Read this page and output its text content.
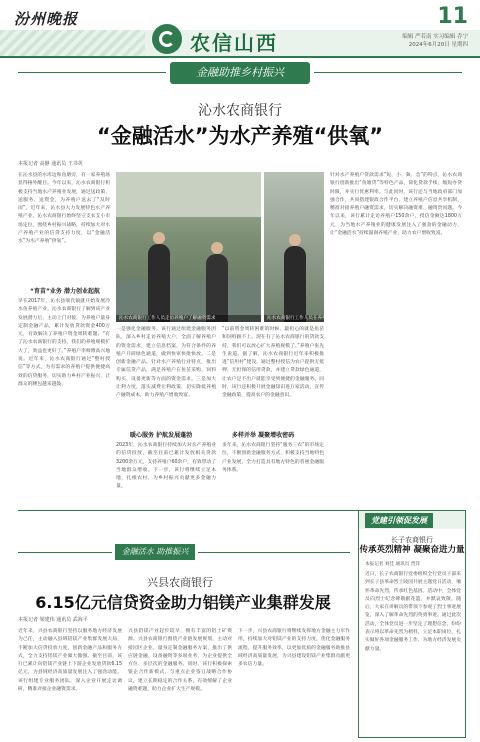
汾州晚报
农信山西
11
编辑 严若南 实习编辑 乔宁
2024年6月20日 星期四
金融助推乡村振兴
沁水农商银行
“金融活水”为水产养殖“供氧”
本报记者 高静 通讯员 王书英
在沁水县的水库边和鱼塘旁，有一家养殖场显得格外醒目。今年以来，沁水农商银行积极支持当地水产养殖业发展，通过送政策、送服务、送资金，为养殖户送去了“及时雨”。近年来，沁水县大力发展特色水产养殖产业，沁水农商银行始终坚守支农支小市场定位，围绕乡村振兴战略，持续加大对水产养殖产业的信贷支持力度，以“金融活水”为水产养殖“供氧”。
“育苗”业务 潜力创业起航
早在2017年，沁水县端氏镇就开始发展冷水鱼养殖产业。沁水农商银行了解到该产业发展潜力后，主动上门对接，为养殖户量身定制金融产品，累计发放贷款资金400万元，有效解决了养殖户资金周转难题。“有了沁水农商银行的支持，我们的养殖规模扩大了，效益也更好了。”养殖户李师傅高兴地说。近年来，沁水农商银行通过“整村授信”等方式，为有需求的养殖户提供便捷高效的信贷服务，切实助力乡村产业振兴，让群众的腰包越来越鼓。
沁水农商银行工作人员走访养殖户了解融资需求	沁水农商银行工作人员在养殖基地
一是强化金融服务。该行通过组建金融服务团队，深入乡村走访养殖大户，全面了解养殖户的资金需求，建立信息档案，为符合条件的养殖户开辟绿色通道，做到快审快批快放。二是创新金融产品。针对水产养殖行业特点，推出专属信贷产品，满足养殖户在鱼苗采购、饲料购买、设备更新等方面的资金需求。三是加大让利力度，落实减费让利政策，切实降低养殖户融资成本，助力养殖户增收致富。
暖心服务 护航发展蓬勃
2023年，沁水农商银行持续加大对水产养殖业的信贷投放，截至目前已累计发放相关贷款3200余万元，支持养殖户60余户，有效带动了当地群众增收。下一步，该行将继续立足本地，扎根农村，为乡村振兴贡献更多金融力量。
“以前资金周转困难的时候，最担心的就是鱼苗和饲料跟不上。现在有了沁水农商银行的贷款支持，我们可以放心扩大养殖规模了。”养殖户张先生说道。据了解，沁水农商银行近年来积极推进“信用村”建设，通过整村授信为农户提供无抵押、无担保的信用贷款，并建立贷款绿色通道，让农户足不出户就能享受到便捷的金融服务。同时，该行还积极开展金融知识进万家活动，宣传金融政策，提高农户的金融意识。
多样并举 凝聚增收密码
多年来，沁水农商银行坚持“服务三农”的市场定位，不断创新金融服务方式，积极支持当地特色产业发展，全力打造具有地方特色的普惠金融服务体系。
针对水产养殖户贷款需求“短、小、频、急”的特点，沁水农商银行创新推出“鱼塘贷”等特色产品，简化贷款手续，缩短办贷时限，并实行优惠利率。与此同时，该行还与当地政府部门加强合作，共同搭建银政合作平台，建立养殖户信息共享机制，精准对接养殖户融资需求，切实解决融资难、融资贵问题。今年以来，该行累计走访养殖户150余户，授信金额达1800万元，为当地水产养殖业的健康发展注入了强劲的金融动力，让“金融活水”持续滋润养殖产业，助力农户增收致富。
金融活水 助推振兴
兴县农商银行
6.15亿元信贷资金助力铝镁产业集群发展
本报记者 梁建伟 通讯员 武海平
近年来，兴县农商银行坚持以服务地方经济发展为己任，主动融入县域铝镁产业集群发展大局，不断加大信贷投放力度，创新金融产品和服务方式，全力支持铝镁产业做大做强。截至目前，该行已累计向铝镁产业链上下游企业发放贷款6.15亿元，为县域经济高质量发展注入了强劲动能。该行组建专业服务团队，深入企业开展走访调研，精准对接企业融资需求。
兴县铝镁产业起步较早，拥有丰富的铝土矿资源。兴县农商银行围绕产业链发展规划，主动对接园区企业，量身定制金融服务方案，推出了供应链金融、设备融资等多项业务，为企业提供全方位、多层次的金融服务。同时，该行积极探索银企合作新模式，与重点企业签订战略合作协议，建立长期稳定的合作关系，有效缓解了企业融资难题，助力企业扩大生产规模。
下一步，兴县农商银行将继续发挥地方金融主力军作用，持续加大对铝镁产业的支持力度，优化金融服务流程，提升服务效率，以更加优质的金融服务助推县域经济高质量发展，为兴县建设铝镁产业集群贡献更多农信力量。
党建引领促发展
长子农商银行
传承英烈精神 凝聚奋进力量
本报记者 刘佳 通讯员 晋萍
近日，长子农商银行党委组织全行党员干部来到长子县革命烈士陵园开展主题党日活动，缅怀革命先烈，传承红色基因。活动中，全体党员向烈士纪念碑敬献花篮，并默哀致敬。随后，大家在讲解员的带领下参观了烈士事迹展览，深入了解革命先烈的英勇事迹。通过此次活动，全体党员进一步坚定了理想信念，纷纷表示将以革命先烈为榜样，立足本职岗位，扎实做好各项金融服务工作，为地方经济发展贡献力量。
